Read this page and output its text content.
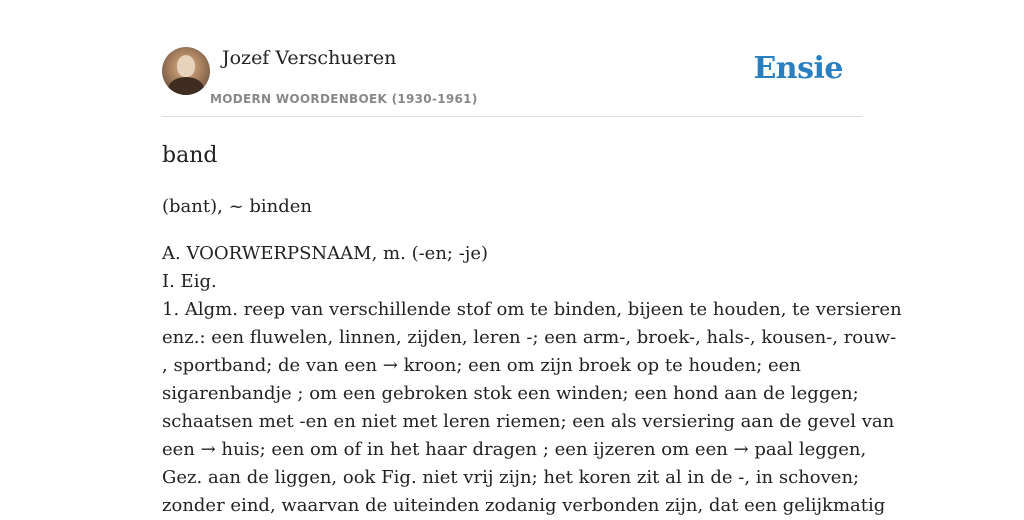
Jozef Verschueren
MODERN WOORDENBOEK (1930-1961)
Ensie
band
(bant), ~ binden
A. VOORWERPSNAAM, m. (-en; -je)
I. Eig.
1. Algm. reep van verschillende stof om te binden, bijeen te houden, te versieren
enz.: een fluwelen, linnen, zijden, leren -; een arm-, broek-, hals-, kousen-, rouw-
, sportband; de van een → kroon; een om zijn broek op te houden; een
sigarenbandje ; om een gebroken stok een winden; een hond aan de leggen;
schaatsen met -en en niet met leren riemen; een als versiering aan de gevel van
een → huis; een om of in het haar dragen ; een ijzeren om een → paal leggen,
Gez. aan de liggen, ook Fig. niet vrij zijn; het koren zit al in de -, in schoven;
zonder eind, waarvan de uiteinden zodanig verbonden zijn, dat een gelijkmatig
